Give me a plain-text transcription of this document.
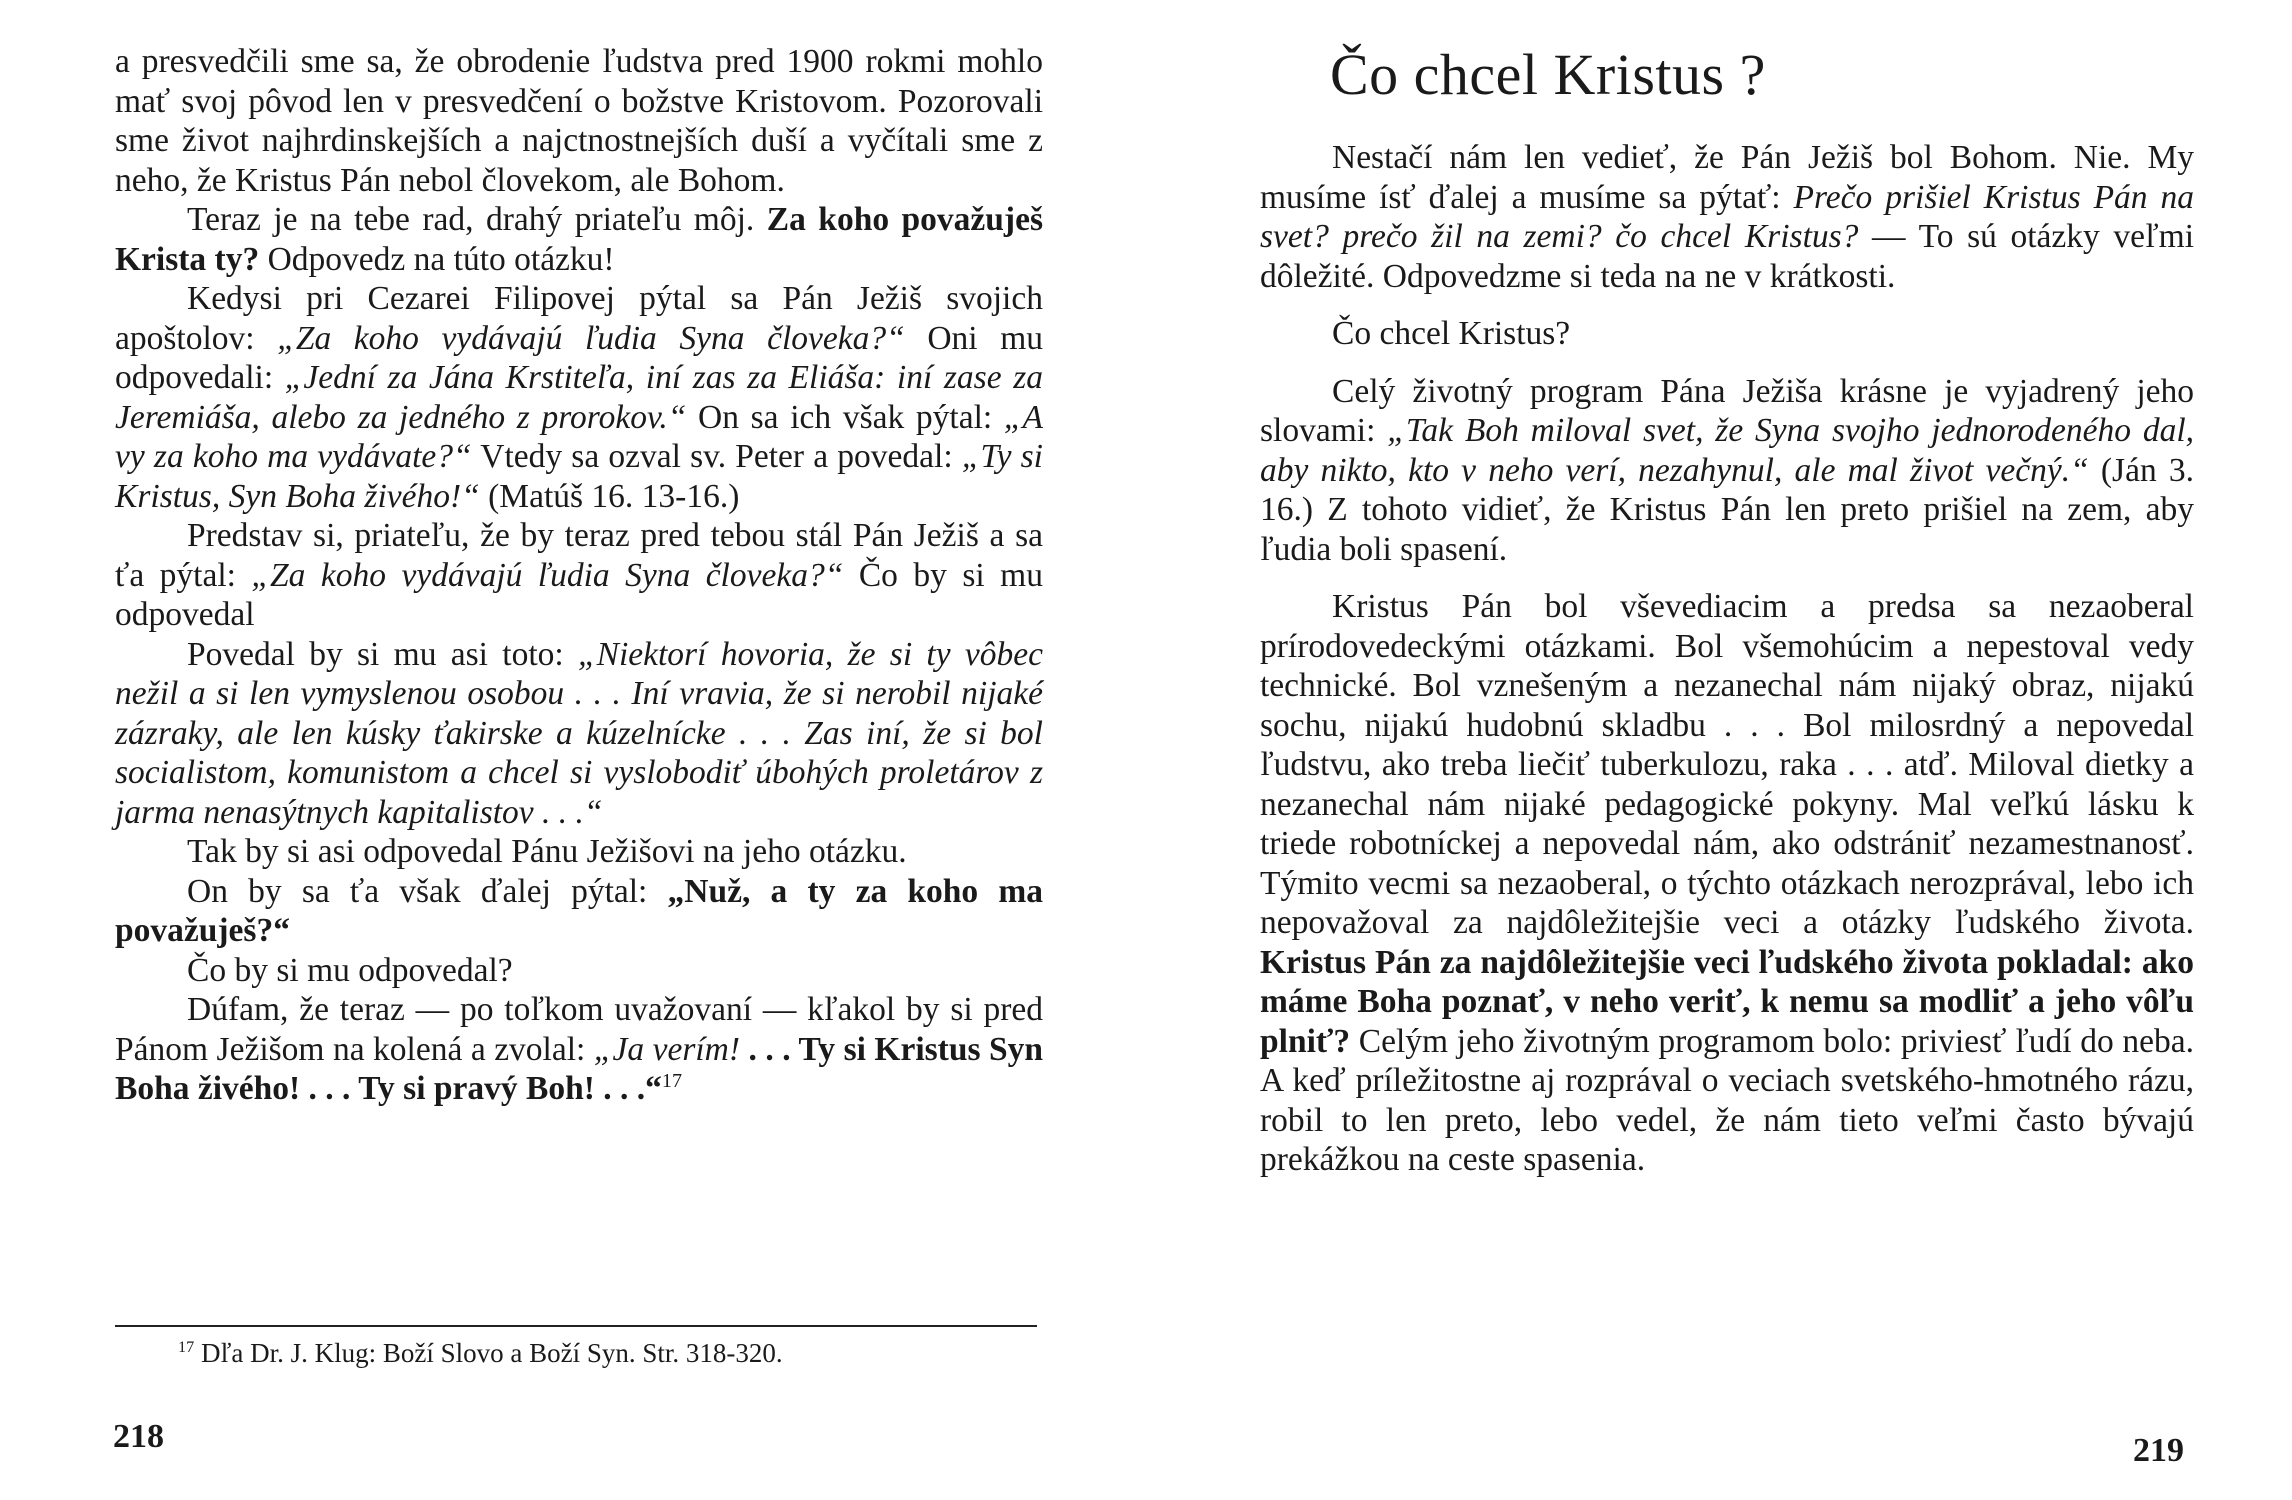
a presvedčili sme sa, že obrodenie ľudstva pred 1900 rokmi mohlo mať svoj pôvod len v presvedčení o božstve Kristovom. Pozorovali sme život najhrdinskejších a najctnostnejších duší a vyčítali sme z neho, že Kristus Pán nebol človekom, ale Bohom.

Teraz je na tebe rad, drahý priateľu môj. Za koho považuješ Krista ty? Odpovedz na túto otázku!

Kedysi pri Cezarei Filipovej pýtal sa Pán Ježiš svojich apoštolov: „Za koho vydávajú ľudia Syna človeka?“ Oni mu odpovedali: „Jední za Jána Krstiteľa, iní zas za Eliáša: iní zase za Jeremiáša, alebo za jedného z prorokov.“ On sa ich však pýtal: „A vy za koho ma vydávate?“ Vtedy sa ozval sv. Peter a povedal: „Ty si Kristus, Syn Boha živého!“ (Matúš 16. 13-16.)

Predstav si, priateľu, že by teraz pred tebou stál Pán Ježiš a sa ťa pýtal: „Za koho vydávajú ľudia Syna človeka?“ Čo by si mu odpovedal

Povedal by si mu asi toto: „Niektorí hovoria, že si ty vôbec nežil a si len vymyslenou osobou . . . Iní vravia, že si nerobil nijaké zázraky, ale len kúsky ťakirske a kúzelnícke . . . Zas iní, že si bol socialistom, komunistom a chcel si vyslobodiť úbohých proletárov z jarma nenasýtnych kapitalistov . . .“

Tak by si asi odpovedal Pánu Ježišovi na jeho otázku.

On by sa ťa však ďalej pýtal: „Nuž, a ty za koho ma považuješ?“

Čo by si mu odpovedal?

Dúfam, že teraz — po toľkom uvažovaní — kľakol by si pred Pánom Ježišom na kolená a zvolal: „Ja verím! . . . Ty si Kristus Syn Boha živého! . . . Ty si pravý Boh! . . .“$^{17}$

$^{17}$ Dľa Dr. J. Klug: Boží Slovo a Boží Syn. Str. 318-320.
218
Čo chcel Kristus ?

Nestačí nám len vedieť, že Pán Ježiš bol Bohom. Nie. My musíme ísť ďalej a musíme sa pýtať: Prečo prišiel Kristus Pán na svet? prečo žil na zemi? čo chcel Kristus? — To sú otázky veľmi dôležité. Odpovedzme si teda na ne v krátkosti.

Čo chcel Kristus?

Celý životný program Pána Ježiša krásne je vyjadrený jeho slovami: „Tak Boh miloval svet, že Syna svojho jednorodeného dal, aby nikto, kto v neho verí, nezahynul, ale mal život večný.“ (Ján 3. 16.) Z tohoto vidieť, že Kristus Pán len preto prišiel na zem, aby ľudia boli spasení.

Kristus Pán bol vševediacim a predsa sa nezaoberal prírodovedeckými otázkami. Bol všemohúcim a nepestoval vedy technické. Bol vznešeným a nezanechal nám nijaký obraz, nijakú sochu, nijakú hudobnú skladbu . . . Bol milosrdný a nepovedal ľudstvu, ako treba liečiť tuberkulozu, raka . . . atď. Miloval dietky a nezanechal nám nijaké pedagogické pokyny. Mal veľkú lásku k triede robotníckej a nepovedal nám, ako odstrániť nezamestnanosť. Týmito vecmi sa nezaoberal, o týchto otázkach nerozprával, lebo ich nepovažoval za najdôležitejšie veci a otázky ľudského života. Kristus Pán za najdôležitejšie veci ľudského života pokladal: ako máme Boha poznať, v neho veriť, k nemu sa modliť a jeho vôľu plniť? Celým jeho životným programom bolo: priviesť ľudí do neba. A keď príležitostne aj rozprával o veciach svetského-hmotného rázu, robil to len preto, lebo vedel, že nám tieto veľmi často bývajú prekážkou na ceste spasenia.

219
